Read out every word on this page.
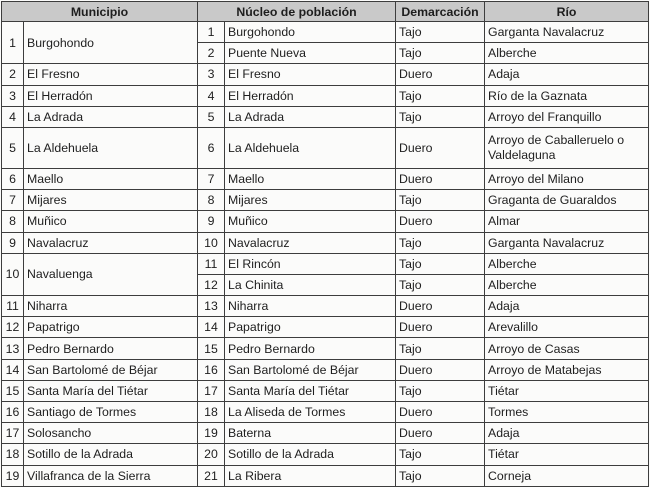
Municipio		Núcleo de población		Demarcación	Río
1	Burgohondo	1	Burgohondo	Tajo	Garganta Navalacruz
		2	Puente Nueva	Tajo	Alberche
2	El Fresno	3	El Fresno	Duero	Adaja
3	El Herradón	4	El Herradón	Tajo	Río de la Gaznata
4	La Adrada	5	La Adrada	Tajo	Arroyo del Franquillo
5	La Aldehuela	6	La Aldehuela	Duero	Arroyo de Caballeruelo o Valdelaguna
6	Maello	7	Maello	Duero	Arroyo del Milano
7	Mijares	8	Mijares	Tajo	Graganta de Guaraldos
8	Muñico	9	Muñico	Duero	Almar
9	Navalacruz	10	Navalacruz	Tajo	Garganta Navalacruz
10	Navaluenga	11	El Rincón	Tajo	Alberche
		12	La Chinita	Tajo	Alberche
11	Niharra	13	Niharra	Duero	Adaja
12	Papatrigo	14	Papatrigo	Duero	Arevalillo
13	Pedro Bernardo	15	Pedro Bernardo	Tajo	Arroyo de Casas
14	San Bartolomé de Béjar	16	San Bartolomé de Béjar	Duero	Arroyo de Matabejas
15	Santa María del Tiétar	17	Santa María del Tiétar	Tajo	Tiétar
16	Santiago de Tormes	18	La Aliseda de Tormes	Duero	Tormes
17	Solosancho	19	Baterna	Duero	Adaja
18	Sotillo de la Adrada	20	Sotillo de la Adrada	Tajo	Tiétar
19	Villafranca de la Sierra	21	La Ribera	Tajo	Corneja
